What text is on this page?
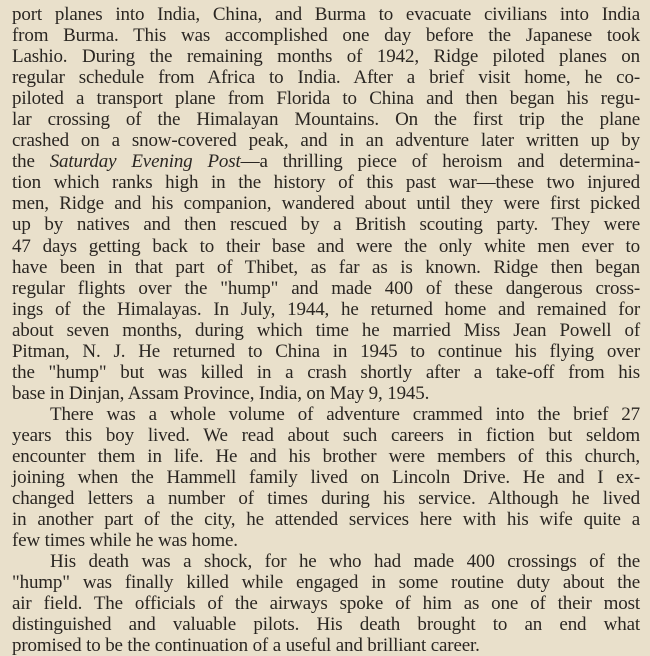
port planes into India, China, and Burma to evacuate civilians into India
from Burma. This was accomplished one day before the Japanese took
Lashio. During the remaining months of 1942, Ridge piloted planes on
regular schedule from Africa to India. After a brief visit home, he co-
piloted a transport plane from Florida to China and then began his regu-
lar crossing of the Himalayan Mountains. On the first trip the plane
crashed on a snow-covered peak, and in an adventure later written up by
the Saturday Evening Post—a thrilling piece of heroism and determina-
tion which ranks high in the history of this past war—these two injured
men, Ridge and his companion, wandered about until they were first picked
up by natives and then rescued by a British scouting party. They were
47 days getting back to their base and were the only white men ever to
have been in that part of Thibet, as far as is known. Ridge then began
regular flights over the "hump" and made 400 of these dangerous cross-
ings of the Himalayas. In July, 1944, he returned home and remained for
about seven months, during which time he married Miss Jean Powell of
Pitman, N. J. He returned to China in 1945 to continue his flying over
the "hump" but was killed in a crash shortly after a take-off from his
base in Dinjan, Assam Province, India, on May 9, 1945.

There was a whole volume of adventure crammed into the brief 27
years this boy lived. We read about such careers in fiction but seldom
encounter them in life. He and his brother were members of this church,
joining when the Hammell family lived on Lincoln Drive. He and I ex-
changed letters a number of times during his service. Although he lived
in another part of the city, he attended services here with his wife quite a
few times while he was home.

His death was a shock, for he who had made 400 crossings of the
"hump" was finally killed while engaged in some routine duty about the
air field. The officials of the airways spoke of him as one of their most
distinguished and valuable pilots. His death brought to an end what
promised to be the continuation of a useful and brilliant career.
